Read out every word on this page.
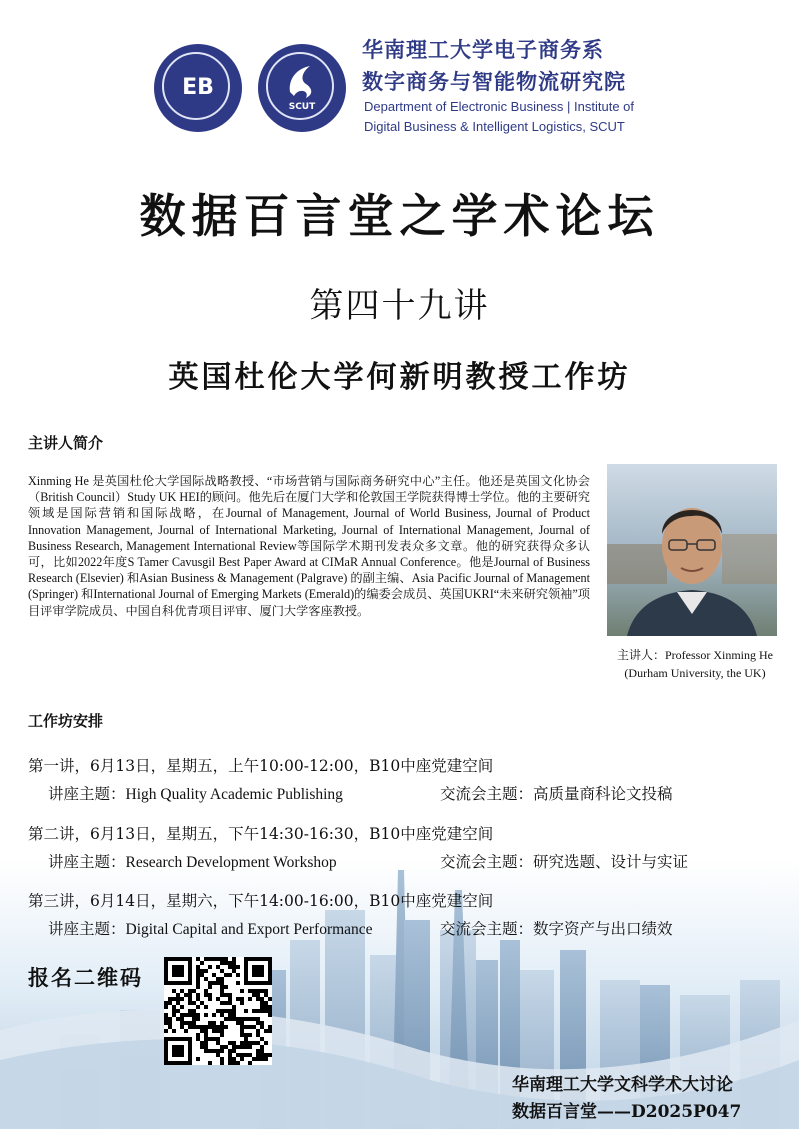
EB
SCUT
华南理工大学电子商务系
数字商务与智能物流研究院
Department of Electronic Business | Institute of
Digital Business & Intelligent Logistics, SCUT
数据百言堂之学术论坛
第四十九讲
英国杜伦大学何新明教授工作坊
主讲人简介
Xinming He 是英国杜伦大学国际战略教授、“市场营销与国际商务研究中心”主任。他还是英国文化协会（British Council）Study UK HEI的顾问。他先后在厦门大学和伦敦国王学院获得博士学位。他的主要研究领域是国际营销和国际战略，在Journal of Management, Journal of World Business, Journal of Product Innovation Management, Journal of International Marketing, Journal of International Management, Journal of Business Research, Management International Review等国际学术期刊发表众多文章。他的研究获得众多认可，比如2022年度S Tamer Cavusgil Best Paper Award at CIMaR Annual Conference。他是Journal of Business Research (Elsevier) 和Asian Business & Management (Palgrave) 的副主编、Asia Pacific Journal of Management (Springer) 和International Journal of Emerging Markets (Emerald)的编委会成员、英国UKRI“未来研究领袖”项目评审学院成员、中国自科优青项目评审、厦门大学客座教授。
主讲人：Professor Xinming He
(Durham University, the UK)
工作坊安排
第一讲，6月13日，星期五，上午10:00-12:00，B10中座党建空间
讲座主题：High Quality Academic Publishing	交流会主题：高质量商科论文投稿
第二讲，6月13日，星期五，下午14:30-16:30，B10中座党建空间
讲座主题：Research Development Workshop	交流会主题：研究选题、设计与实证
第三讲，6月14日，星期六，下午14:00-16:00，B10中座党建空间
讲座主题：Digital Capital and Export Performance	交流会主题：数字资产与出口绩效
报名二维码
华南理工大学文科学术大讨论
数据百言堂——D2025P047
